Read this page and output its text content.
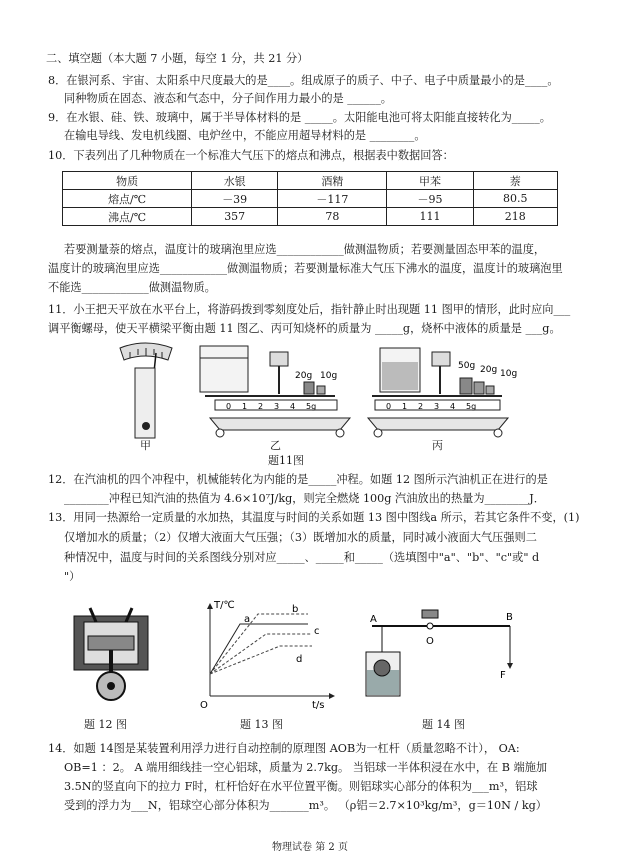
二、填空题（本大题 7 小题，每空 1 分，共 21 分）
8．在银河系、宇宙、太阳系中尺度最大的是____。组成原子的质子、中子、电子中质量最小的是____。
同种物质在固态、液态和气态中，分子间作用力最小的是 ______。
9．在水银、硅、铁、玻璃中，属于半导体材料的是 _____。太阳能电池可将太阳能直接转化为_____。
在输电导线、发电机线圈、电炉丝中，不能应用超导材料的是 ________。
10．下表列出了几种物质在一个标准大气压下的熔点和沸点，根据表中数据回答：
物质	水银	酒精	甲苯	萘
熔点/℃	－39	－117	－95	80.5
沸点/℃	357	78	111	218
若要测量萘的熔点，温度计的玻璃泡里应选____________做测温物质；若要测量固态甲苯的温度，
温度计的玻璃泡里应选____________做测温物质；若要测量标准大气压下沸水的温度，温度计的玻璃泡里
不能选____________做测温物质。
11．小王把天平放在水平台上，将游码拨到零刻度处后，指针静止时出现题 11 图甲的情形，此时应向___
调平衡螺母，使天平横梁平衡由题 11 图乙、丙可知烧杯的质量为 _____g，烧杯中液体的质量是 ___g。
20g 10g
50g 20g 10g
0 1 2 3 4 5g	0 1 2 3 4 5g
甲	乙	丙
题11图
12．在汽油机的四个冲程中，机械能转化为内能的是_____冲程。如题 12 图所示汽油机正在进行的是
________冲程已知汽油的热值为 4.6×10⁷J/kg，则完全燃烧 100g 汽油放出的热量为________J．
13．用同一热源给一定质量的水加热，其温度与时间的关系如题 13 图中图线a 所示，若其它条件不变，(1)
仅增加水的质量；（2）仅增大液面大气压强；（3）既增加水的质量，同时减小液面大气压强则二
种情况中，温度与时间的关系图线分别对应_____、_____和_____（选填图中"a"、"b"、"c"或" d
"）
T/℃
t/s
O
a
b
c
d
A	B
O
F
题 12 图	题 13 图	题 14 图
14．如题 14图是某装置利用浮力进行自动控制的原理图 AOB为一杠杆（质量忽略不计）， OA:
OB=1 ：2。 A 端用细线挂一空心铝球，质量为 2.7kg。 当铝球一半体积浸在水中，在 B 端施加
3.5N的竖直向下的拉力 F时，杠杆恰好在水平位置平衡。则铝球实心部分的体积为___m³，铝球
受到的浮力为___N，铝球空心部分体积为_______m³。 （ρ铝＝2.7×10³kg/m³，g＝10N / kg）
物理试卷 第 2 页
